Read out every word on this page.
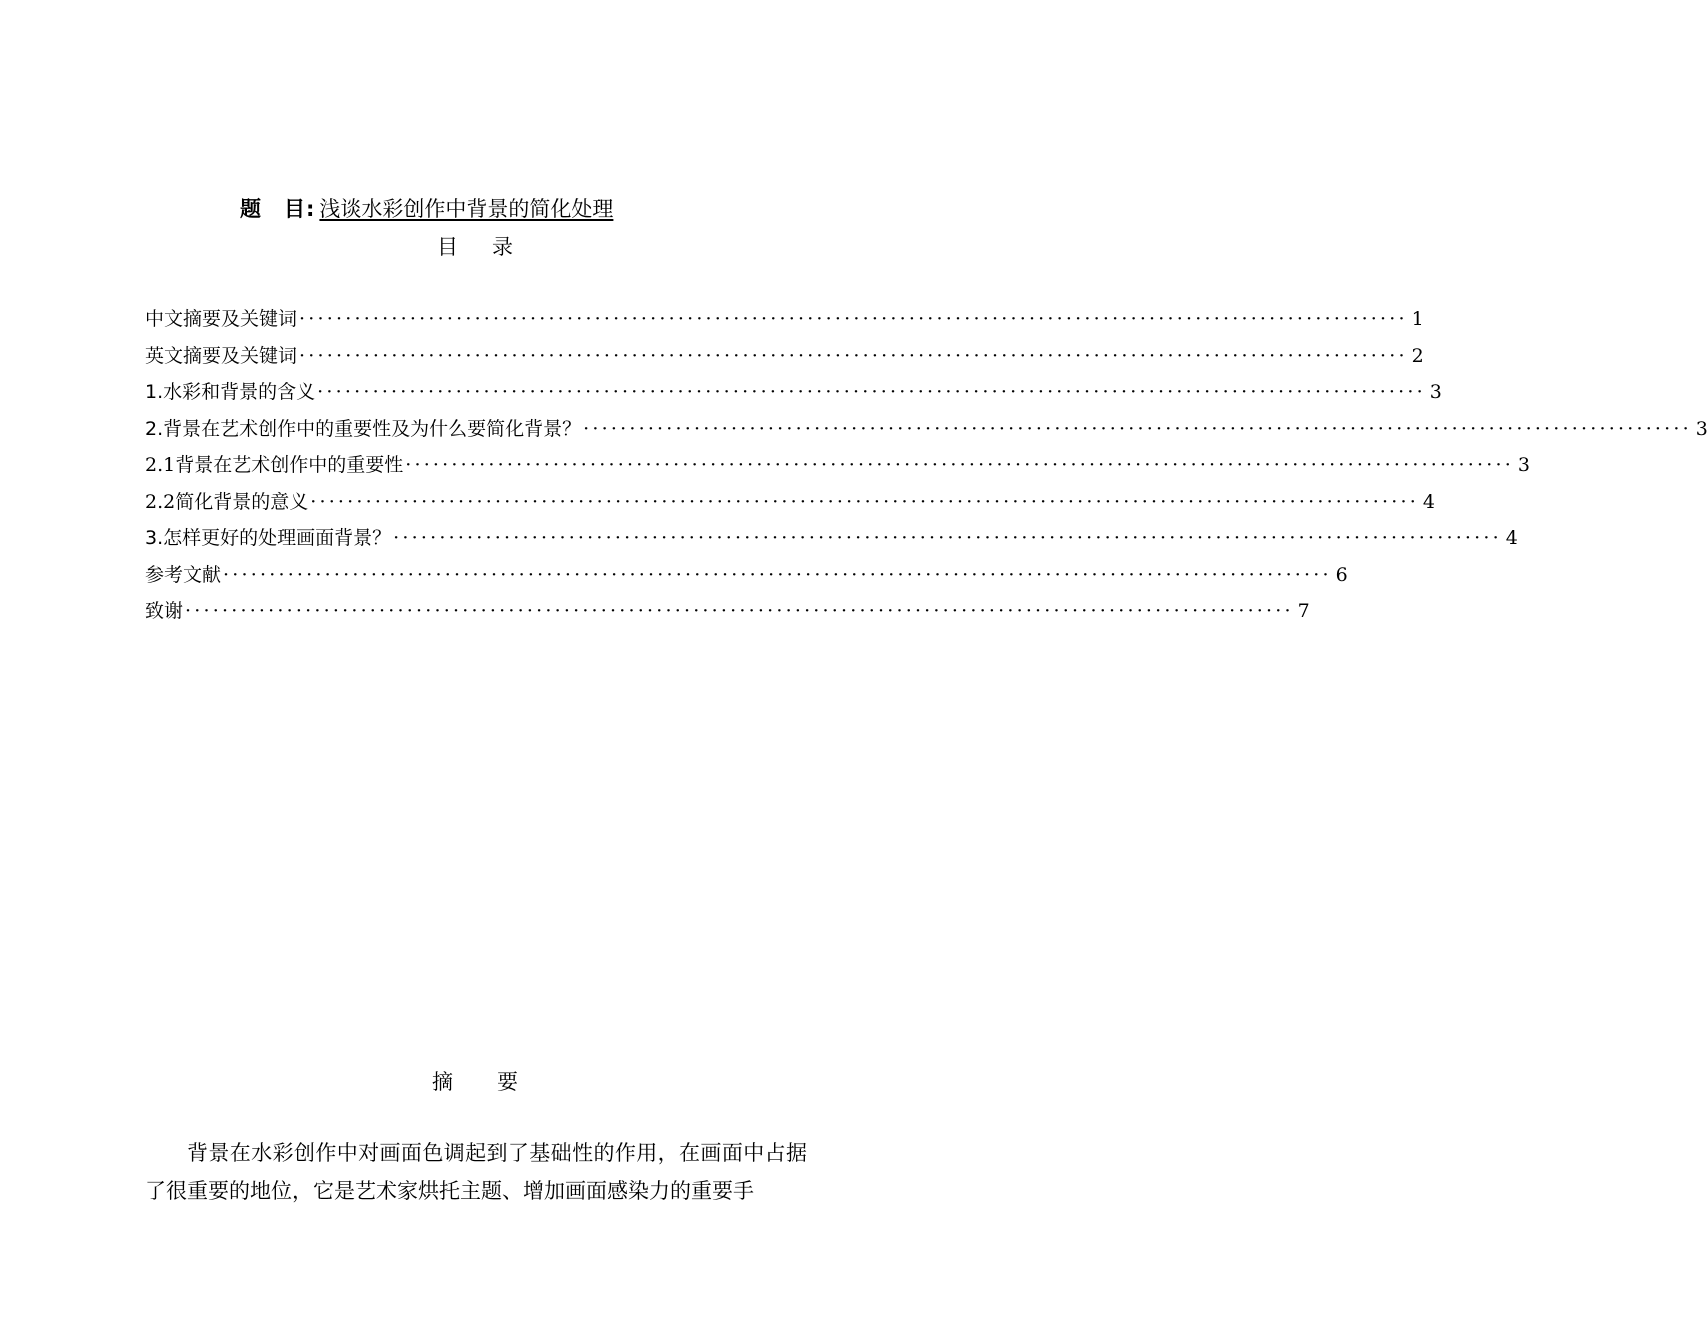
题 目: 浅谈水彩创作中背景的简化处理
目录
中文摘要及关键词 ························································································································ 1
英文摘要及关键词 ························································································································ 2
1.水彩和背景的含义 ························································································································ 3
2.背景在艺术创作中的重要性及为什么要简化背景？ ························································································································ 3
2.1背景在艺术创作中的重要性 ························································································································ 3
2.2简化背景的意义 ························································································································ 4
3.怎样更好的处理画面背景？ ························································································································ 4
参考文献 ························································································································ 6
致谢 ························································································································ 7
摘要

背景在水彩创作中对画面色调起到了基础性的作用，在画面中占据了很重要的地位，它是艺术家烘托主题、增加画面感染力的重要手
